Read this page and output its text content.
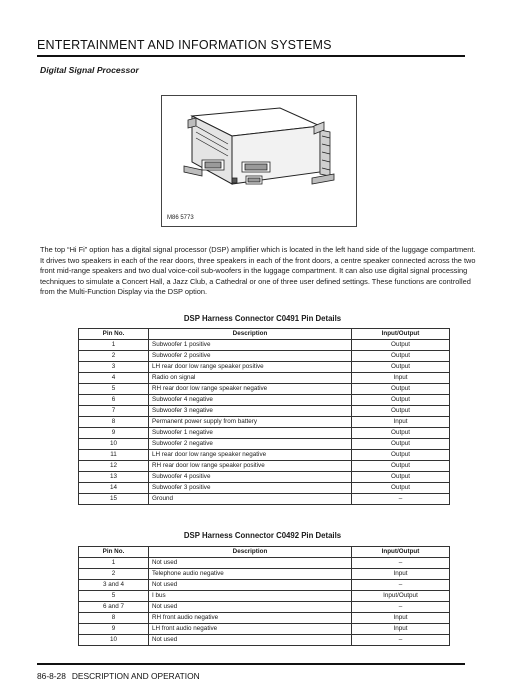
ENTERTAINMENT AND INFORMATION SYSTEMS
Digital Signal Processor
M86 5773
The top “Hi Fi” option has a digital signal processor (DSP) amplifier which is located in the left hand side of the luggage compartment. It drives two speakers in each of the rear doors, three speakers in each of the front doors, a centre speaker connected across the two front mid-range speakers and two dual voice-coil sub-woofers in the luggage compartment. It can also use digital signal processing techniques to simulate a Concert Hall, a Jazz Club, a Cathedral or one of three user defined settings. These functions are controlled from the Multi-Function Display via the DSP option.
DSP Harness Connector C0491 Pin Details
Pin No.	Description	Input/Output
1	Subwoofer 1 positive	Output
2	Subwoofer 2 positive	Output
3	LH rear door low range speaker positive	Output
4	Radio on signal	Input
5	RH rear door low range speaker negative	Output
6	Subwoofer 4 negative	Output
7	Subwoofer 3 negative	Output
8	Permanent power supply from battery	Input
9	Subwoofer 1 negative	Output
10	Subwoofer 2 negative	Output
11	LH rear door low range speaker negative	Output
12	RH rear door low range speaker positive	Output
13	Subwoofer 4 positive	Output
14	Subwoofer 3 positive	Output
15	Ground	–
DSP Harness Connector C0492 Pin Details
Pin No.	Description	Input/Output
1	Not used	–
2	Telephone audio negative	Input
3 and 4	Not used	–
5	I bus	Input/Output
6 and 7	Not used	–
8	RH front audio negative	Input
9	LH front audio negative	Input
10	Not used	–
86-8-28 DESCRIPTION AND OPERATION
